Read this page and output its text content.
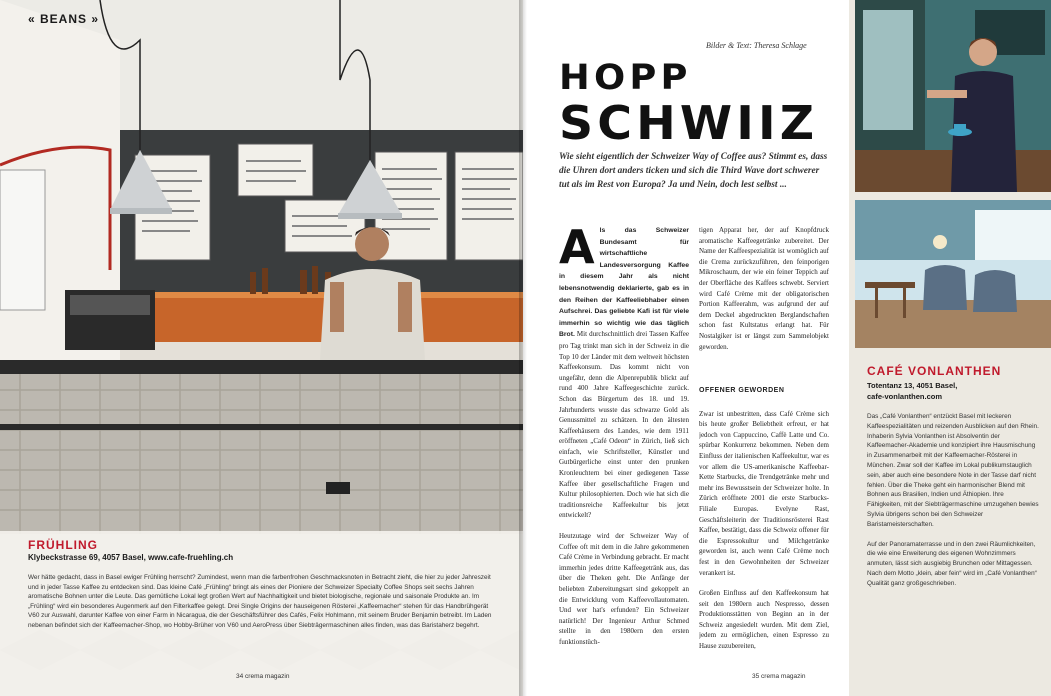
« BEANS »
FRÜHLING
Klybeckstrasse 69, 4057 Basel, www.cafe-fruehling.ch
Wer hätte gedacht, dass in Basel ewiger Frühling herrscht? Zumindest, wenn man die farbenfrohen Geschmacksnoten in Betracht zieht, die hier zu jeder Jahreszeit und in jeder Tasse Kaffee zu entdecken sind. Das kleine Café „Frühling“ bringt als eines der Pioniere der Schweizer Specialty Coffee Shops seit sechs Jahren aromatische Bohnen unter die Leute. Das gemütliche Lokal legt großen Wert auf Nachhaltigkeit und bietet biologische, regionale und saisonale Produkte an. Im „Frühling“ wird ein besonderes Augenmerk auf den Filterkaffee gelegt. Drei Single Origins der hauseigenen Rösterei „Kaffeemacher“ stehen für das Handbrühgerät V60 zur Auswahl, darunter Kaffee von einer Farm in Nicaragua, die der Geschäftsführer des Cafés, Felix Hohlmann, mit seinem Bruder Benjamin betreibt. Im Laden nebenan befindet sich der Kaffeemacher-Shop, wo Hobby-Brüher von V60 und AeroPress über Siebträgermaschinen alles finden, was das Baristaherz begehrt.
34 crema magazin
Bilder & Text: Theresa Schlage
HOPP
SCHWIIZ
Wie sieht eigentlich der Schweizer Way of Coffee aus? Stimmt es, dass die Uhren dort anders ticken und sich die Third Wave dort schwerer tut als im Rest von Europa? Ja und Nein, doch lest selbst ...

A ls das Schweizer Bundesamt für wirtschaftliche Landesversorgung Kaffee in diesem Jahr als nicht lebensnotwendig deklarierte, gab es in den Reihen der Kaffeeliebhaber einen Aufschrei. Das geliebte Kafi ist für viele immerhin so wichtig wie das täglich Brot. Mit durchschnittlich drei Tassen Kaffee pro Tag trinkt man sich in der Schweiz in die Top 10 der Länder mit dem weltweit höchsten Kaffeekonsum. Das kommt nicht von ungefähr, denn die Alpenrepublik blickt auf rund 400 Jahre Kaffeegeschichte zurück. Schon das Bürgertum des 18. und 19. Jahrhunderts wusste das schwarze Gold als Genussmittel zu schätzen. In den ältesten Kaffeehäusern des Landes, wie dem 1911 eröffneten „Café Odeon“ in Zürich, ließ sich einfach, wie Schriftsteller, Künstler und Gutbürgerliche einst unter den prunken Kronleuchtern bei einer gediegenen Tasse Kaffee über gesellschaftliche Fragen und Kultur philosophierten. Doch wie hat sich die traditionsreiche Kaffeekultur bis jetzt entwickelt?

Heutzutage wird der Schweizer Way of Coffee oft mit dem in die Jahre gekommenen Café Crème in Verbindung gebracht. Er macht immerhin jedes dritte Kaffeegetränk aus, das über die Theken geht. Die Anfänge der beliebten Zubereitungsart sind gekoppelt an die Entwicklung vom Kaffeevollautomaten. Und wer hat's erfunden? Ein Schweizer natürlich! Der Ingenieur Arthur Schmed stellte in den 1980ern den ersten funktionstüch-

tigen Apparat her, der auf Knopfdruck aromatische Kaffeegetränke zubereitet. Der Name der Kaffeespezialität ist womöglich auf die Crema zurückzuführen, den feinporigen Mikroschaum, der wie ein feiner Teppich auf der Oberfläche des Kaffees schwebt. Serviert wird Café Crème mit der obligatorischen Portion Kaffeerahm, was aufgrund der auf dem Deckel abgedruckten Berglandschaften schon fast Kultstatus erlangt hat. Für Nostalgiker ist er längst zum Sammelobjekt geworden.

OFFENER GEWORDEN

Zwar ist unbestritten, dass Café Crème sich bis heute großer Beliebtheit erfreut, er hat jedoch von Cappuccino, Caffè Latte und Co. spürbar Konkurrenz bekommen. Neben dem Einfluss der italienischen Kaffeekultur, war es vor allem die US-amerikanische Kaffeebar-Kette Starbucks, die Trendgetränke mehr und mehr ins Bewusstsein der Schweizer holte. In Zürich eröffnete 2001 die erste Starbucks-Filiale Europas. Evelyne Rast, Geschäftsleiterin der Traditionsrösterei Rast Kaffee, bestätigt, dass die Schweiz offener für die Espressokultur und Milchgetränke geworden ist, auch wenn Café Crème noch fest in den Gewohnheiten der Schweizer verankert ist.

Großen Einfluss auf den Kaffeekonsum hat seit den 1980ern auch Nespresso, dessen Produktionsstätten von Beginn an in der Schweiz angesiedelt wurden. Mit dem Ziel, jedem zu ermöglichen, einen Espresso zu Hause zuzubereiten,

35 crema magazin
CAFÉ VONLANTHEN
Totentanz 13, 4051 Basel,
cafe-vonlanthen.com

Das „Café Vonlanthen“ entzückt Basel mit leckeren Kaffeespezialitäten und reizenden Ausblicken auf den Rhein. Inhaberin Sylvia Vonlanthen ist Absolventin der Kaffeemacher-Akademie und konzipiert ihre Hausmischung in Zusammenarbeit mit der Kaffeemacher-Rösterei in München. Zwar soll der Kaffee im Lokal publikumstauglich sein, aber auch eine besondere Note in der Tasse darf nicht fehlen. Über die Theke geht ein harmonischer Blend mit Bohnen aus Brasilien, Indien und Äthiopien. Ihre Fähigkeiten, mit der Siebträgermaschine umzugehen bewies Sylvia übrigens schon bei den Schweizer Baristameisterschaften.

Auf der Panoramaterrasse und in den zwei Räumlichkeiten, die wie eine Erweiterung des eigenen Wohnzimmers anmuten, lässt sich ausgiebig Brunchen oder Mittagessen. Nach dem Motto „klein, aber fein“ wird im „Café Vonlanthen“ Qualität ganz großgeschrieben.
